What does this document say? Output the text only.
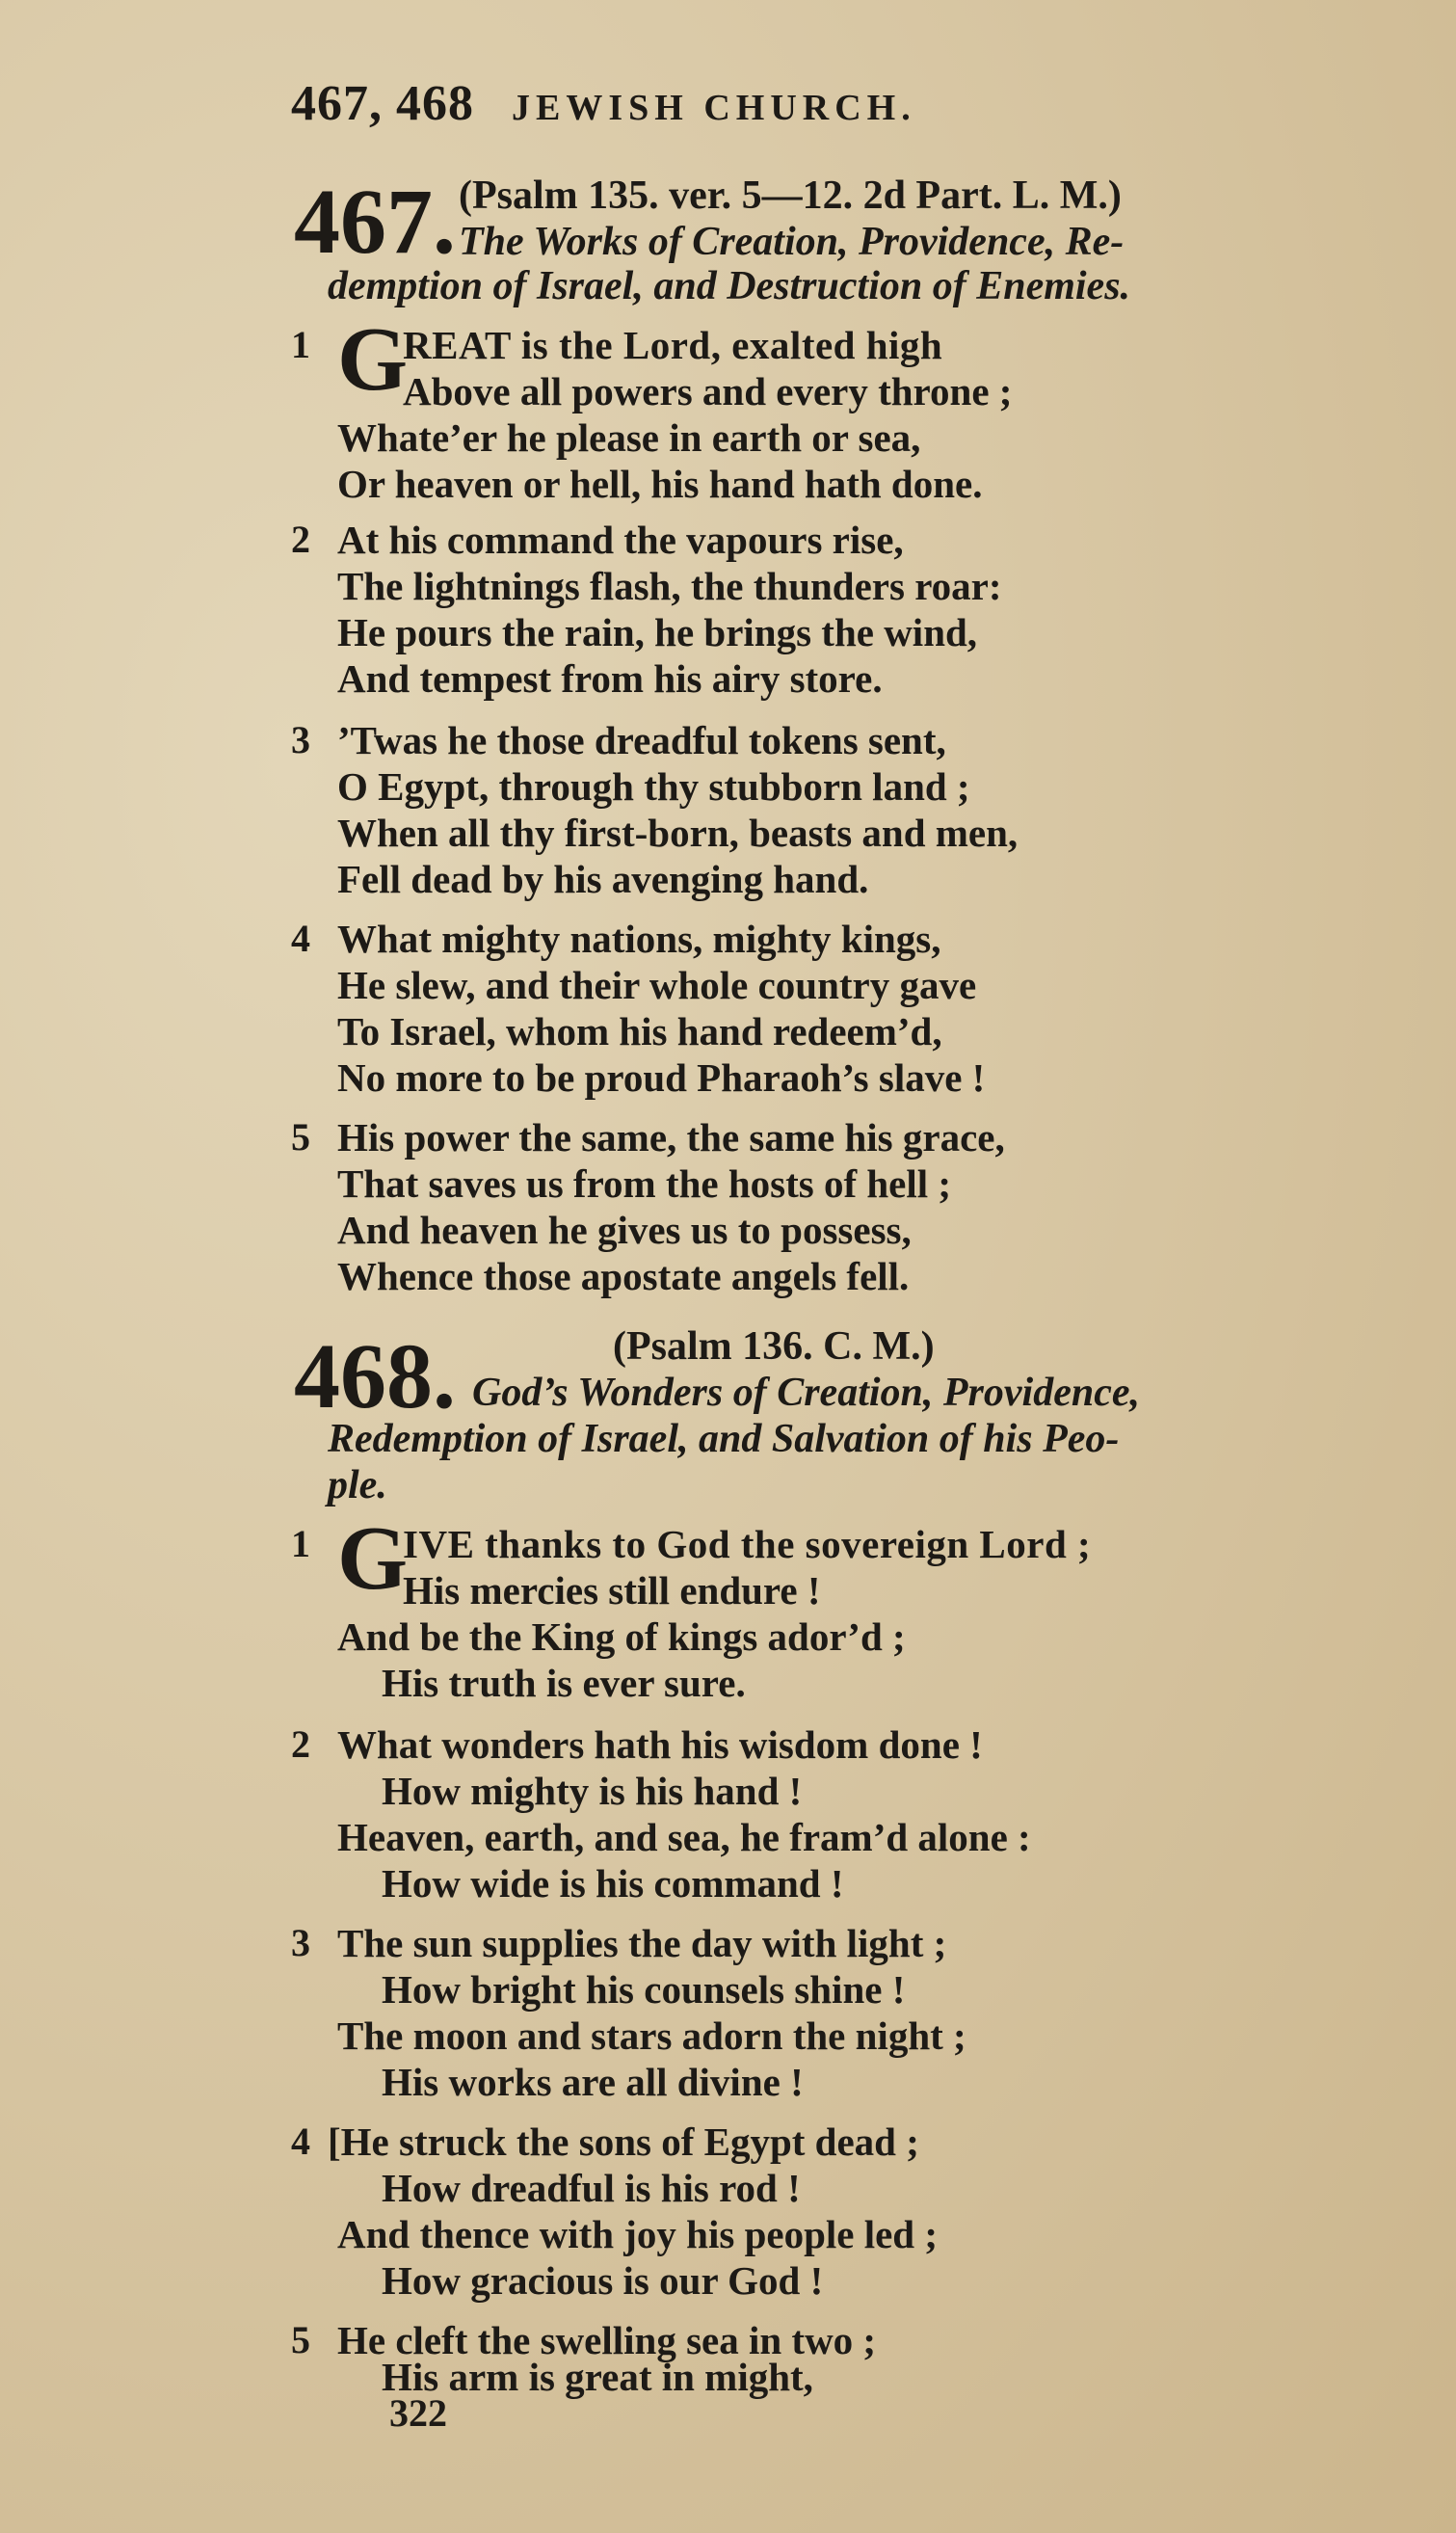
467, 468 JEWISH CHURCH.
467. (Psalm 135. ver. 5—12. 2d Part. L. M.)
The Works of Creation, Providence, Re-
demption of Israel, and Destruction of Enemies.
1 G
REAT is the Lord, exalted high
Above all powers and every throne ;
Whate’er he please in earth or sea,
Or heaven or hell, his hand hath done.
2 At his command the vapours rise,
The lightnings flash, the thunders roar:
He pours the rain, he brings the wind,
And tempest from his airy store.
3 ’Twas he those dreadful tokens sent,
O Egypt, through thy stubborn land ;
When all thy first-born, beasts and men,
Fell dead by his avenging hand.
4 What mighty nations, mighty kings,
He slew, and their whole country gave
To Israel, whom his hand redeem’d,
No more to be proud Pharaoh’s slave !
5 His power the same, the same his grace,
That saves us from the hosts of hell ;
And heaven he gives us to possess,
Whence those apostate angels fell.
468.	(Psalm 136. C. M.)
God’s Wonders of Creation, Providence,
Redemption of Israel, and Salvation of his Peo-
ple.
1 G
IVE thanks to God the sovereign Lord ;
His mercies still endure !
And be the King of kings ador’d ;
His truth is ever sure.
2 What wonders hath his wisdom done !
How mighty is his hand !
Heaven, earth, and sea, he fram’d alone :
How wide is his command !
3 The sun supplies the day with light ;
How bright his counsels shine !
The moon and stars adorn the night ;
His works are all divine !
4 [He struck the sons of Egypt dead ;
How dreadful is his rod !
And thence with joy his people led ;
How gracious is our God !
5 He cleft the swelling sea in two ;
His arm is great in might,
322
